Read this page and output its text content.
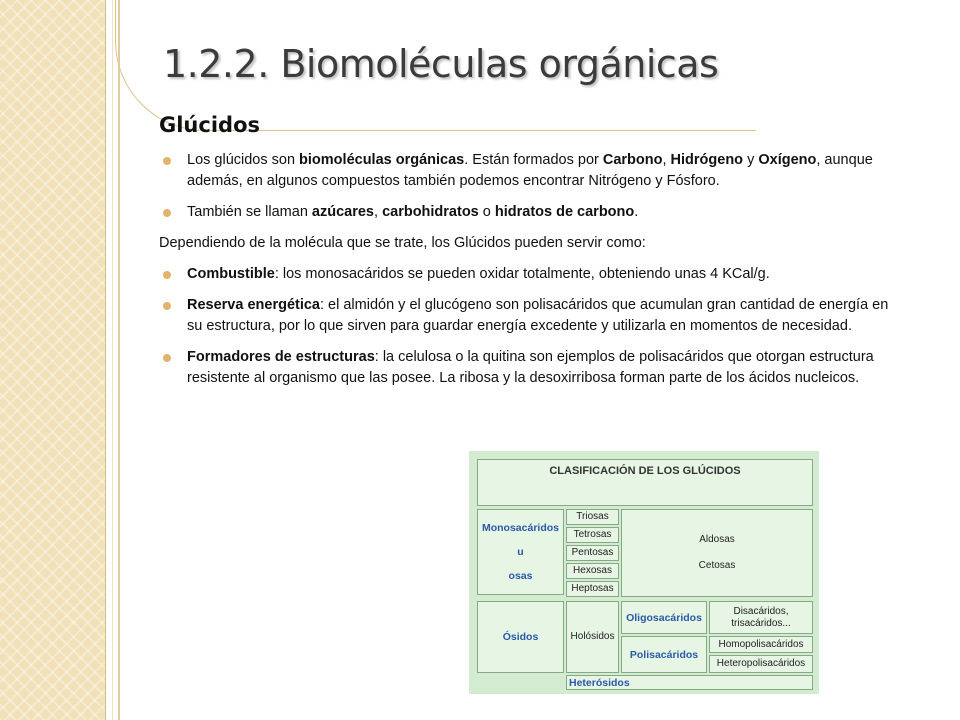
1.2.2. Biomoléculas orgánicas
Glúcidos
Los glúcidos son biomoléculas orgánicas. Están formados por Carbono, Hidrógeno y Oxígeno, aunque además, en algunos compuestos también podemos encontrar Nitrógeno y Fósforo.
También se llaman azúcares, carbohidratos o hidratos de carbono.
Dependiendo de la molécula que se trate, los Glúcidos pueden servir como:
Combustible: los monosacáridos se pueden oxidar totalmente, obteniendo unas 4 KCal/g.
Reserva energética: el almidón y el glucógeno son polisacáridos que acumulan gran cantidad de energía en su estructura, por lo que sirven para guardar energía excedente y utilizarla en momentos de necesidad.
Formadores de estructuras: la celulosa o la quitina son ejemplos de polisacáridos que otorgan estructura resistente al organismo que las posee. La ribosa y la desoxirribosa forman parte de los ácidos nucleicos.
CLASIFICACIÓN DE LOS GLÚCIDOS
Monosacáridos
u
osas
Triosas
Tetrosas
Pentosas
Hexosas
Heptosas
Aldosas
Cetosas
Ósidos	Holósidos
Oligosacáridos
Disacáridos, trisacáridos...
Polisacáridos
Homopolisacáridos
Heteropolisacáridos
Heterósidos
